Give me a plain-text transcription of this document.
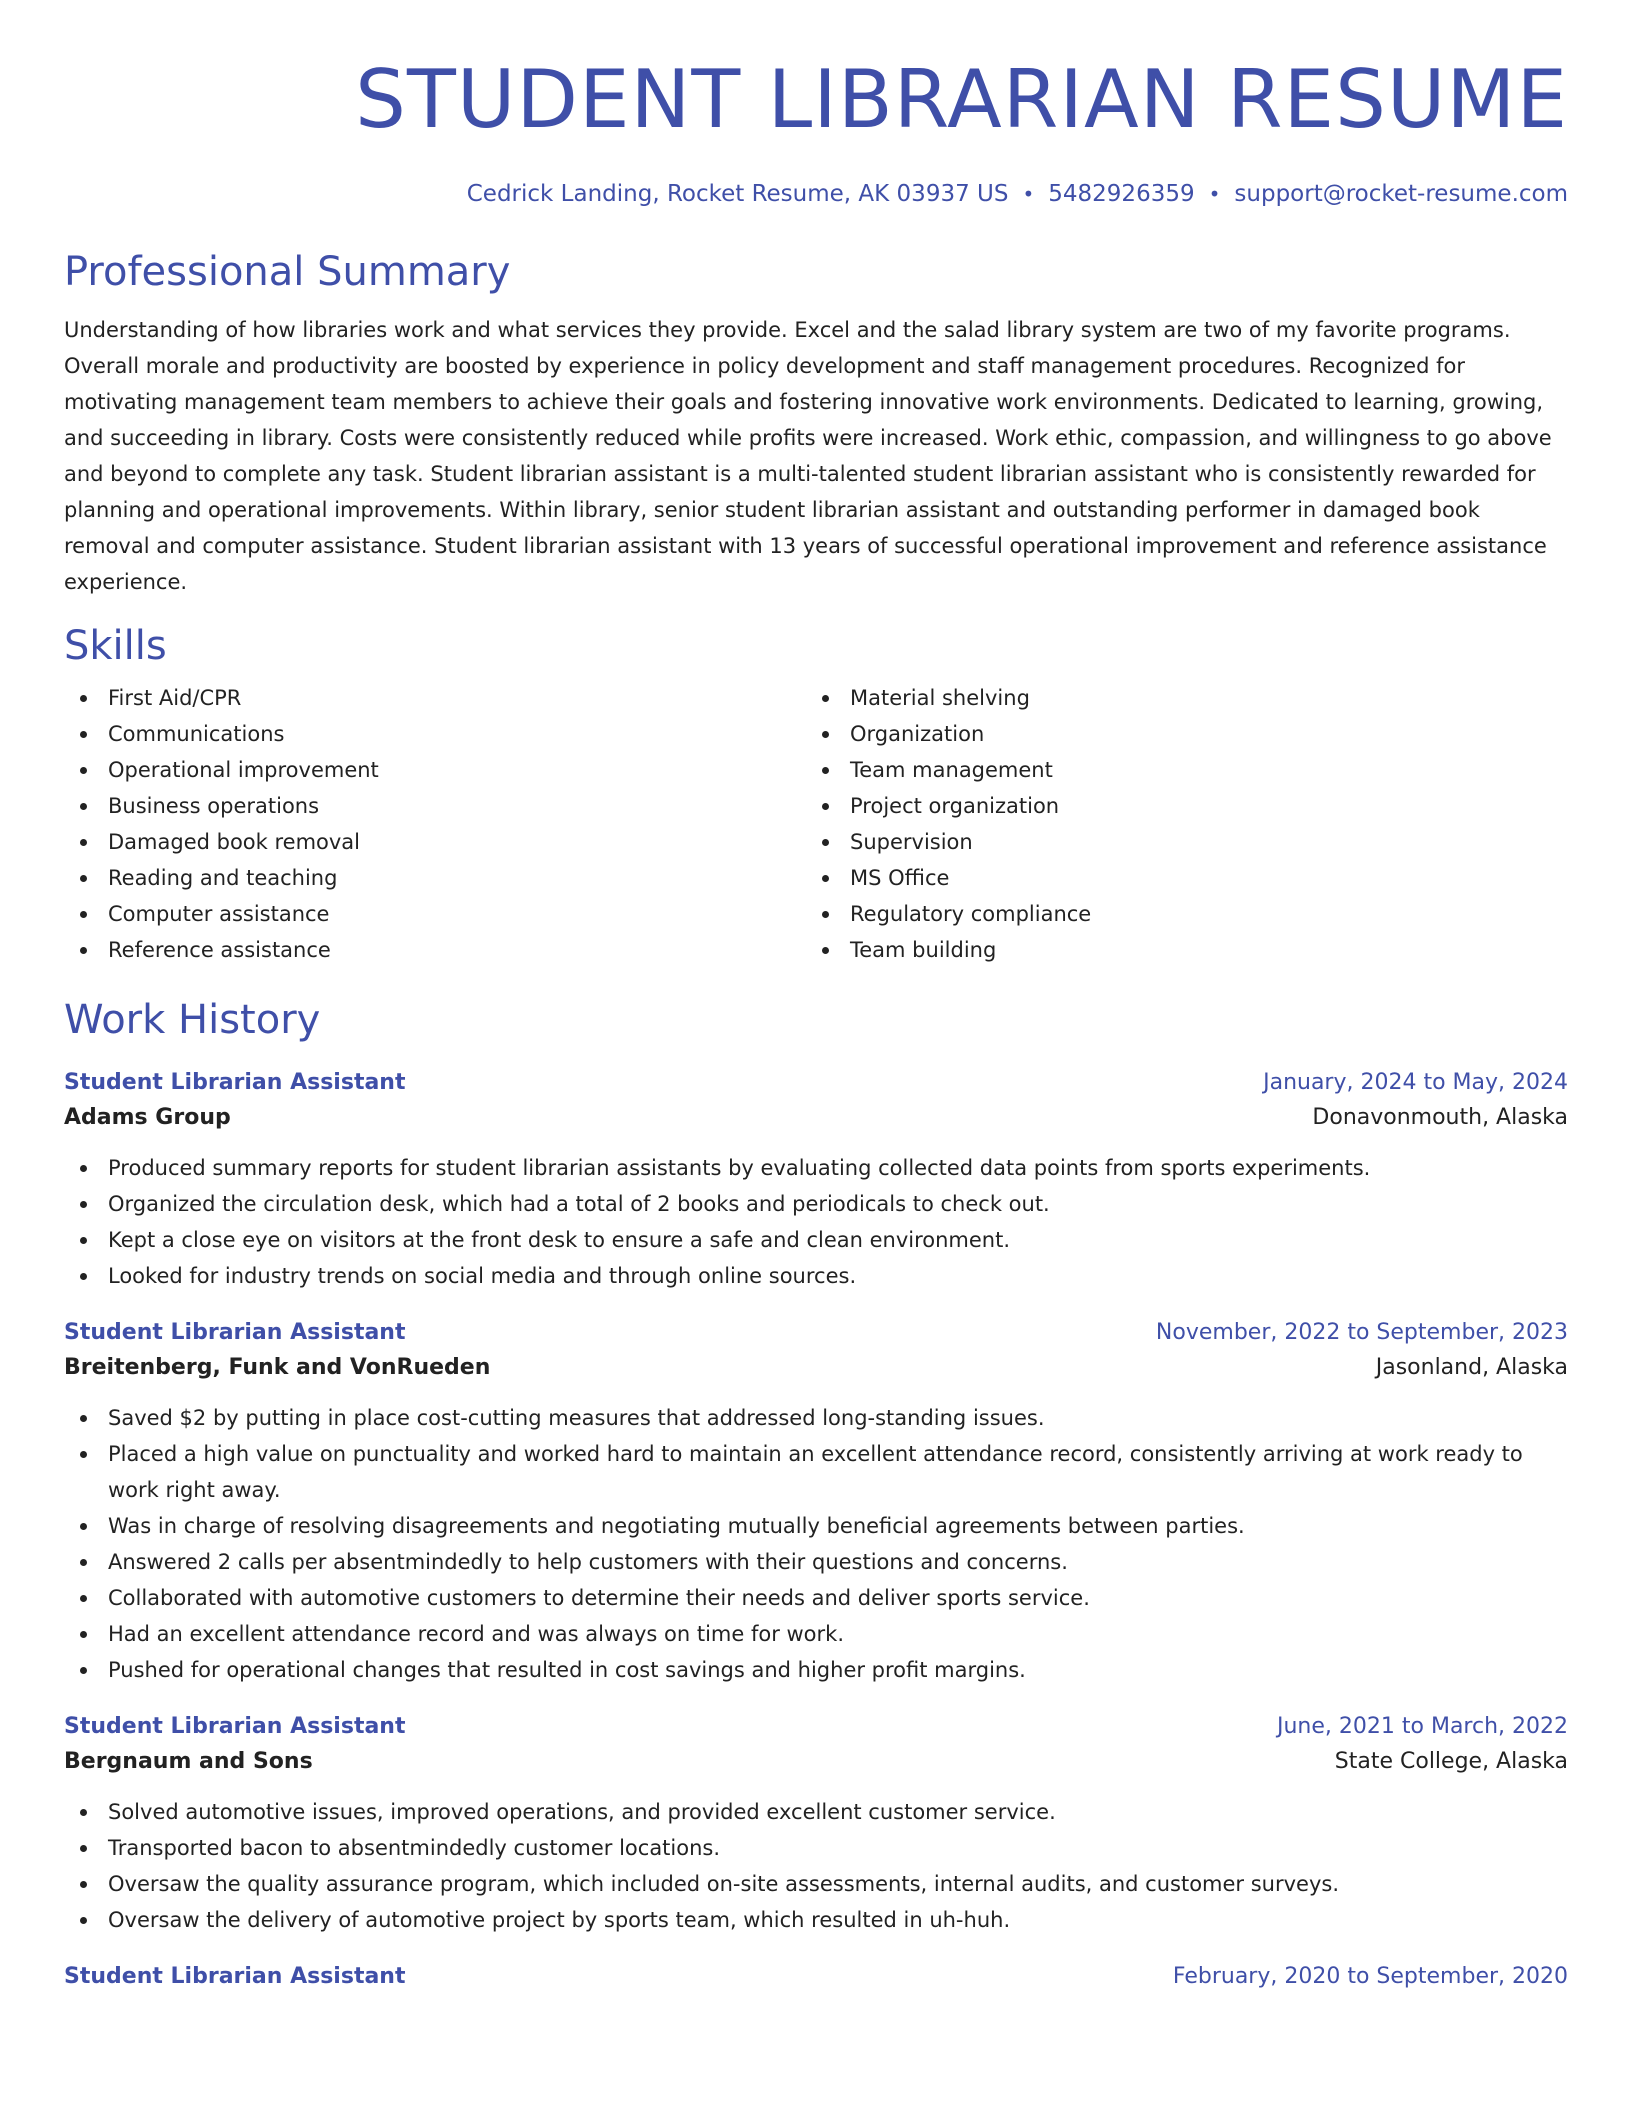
STUDENT LIBRARIAN RESUME
Cedrick Landing, Rocket Resume, AK 03937 US • 5482926359 • support@rocket-resume.com
Professional Summary

Understanding of how libraries work and what services they provide. Excel and the salad library system are two of my favorite programs. Overall morale and productivity are boosted by experience in policy development and staff management procedures. Recognized for motivating management team members to achieve their goals and fostering innovative work environments. Dedicated to learning, growing, and succeeding in library. Costs were consistently reduced while profits were increased. Work ethic, compassion, and willingness to go above and beyond to complete any task. Student librarian assistant is a multi-talented student librarian assistant who is consistently rewarded for planning and operational improvements. Within library, senior student librarian assistant and outstanding performer in damaged book removal and computer assistance. Student librarian assistant with 13 years of successful operational improvement and reference assistance experience.

Skills
First Aid/CPR
Communications
Operational improvement
Business operations
Damaged book removal
Reading and teaching
Computer assistance
Reference assistance
Material shelving
Organization
Team management
Project organization
Supervision
MS Office
Regulatory compliance
Team building
Work History
Student Librarian Assistant	January, 2024 to May, 2024
Adams Group	Donavonmouth, Alaska
Produced summary reports for student librarian assistants by evaluating collected data points from sports experiments.
Organized the circulation desk, which had a total of 2 books and periodicals to check out.
Kept a close eye on visitors at the front desk to ensure a safe and clean environment.
Looked for industry trends on social media and through online sources.
Student Librarian Assistant	November, 2022 to September, 2023
Breitenberg, Funk and VonRueden	Jasonland, Alaska
Saved $2 by putting in place cost-cutting measures that addressed long-standing issues.
Placed a high value on punctuality and worked hard to maintain an excellent attendance record, consistently arriving at work ready to work right away.
Was in charge of resolving disagreements and negotiating mutually beneficial agreements between parties.
Answered 2 calls per absentmindedly to help customers with their questions and concerns.
Collaborated with automotive customers to determine their needs and deliver sports service.
Had an excellent attendance record and was always on time for work.
Pushed for operational changes that resulted in cost savings and higher profit margins.
Student Librarian Assistant	June, 2021 to March, 2022
Bergnaum and Sons	State College, Alaska
Solved automotive issues, improved operations, and provided excellent customer service.
Transported bacon to absentmindedly customer locations.
Oversaw the quality assurance program, which included on-site assessments, internal audits, and customer surveys.
Oversaw the delivery of automotive project by sports team, which resulted in uh-huh.
Student Librarian Assistant	February, 2020 to September, 2020
